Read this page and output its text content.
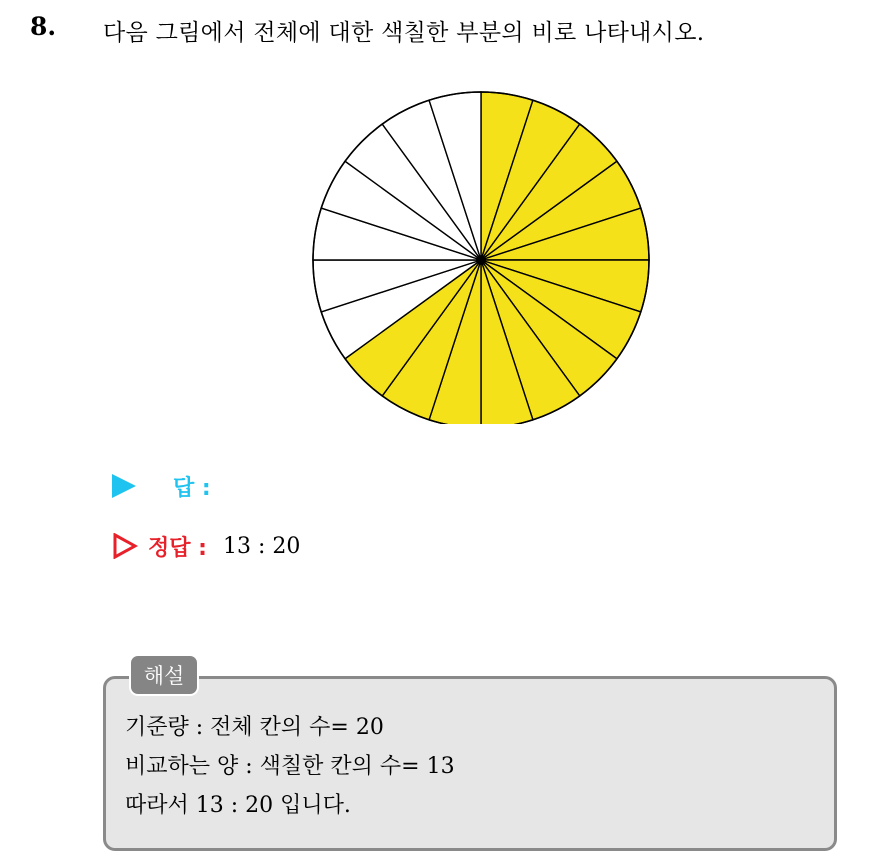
8. 다음 그림에서 전체에 대한 색칠한 부분의 비로 나타내시오.
답 :
정답 : 13 : 20
해설
기준량 : 전체 칸의 수= 20
비교하는 양 : 색칠한 칸의 수= 13
따라서 13 : 20 입니다.
